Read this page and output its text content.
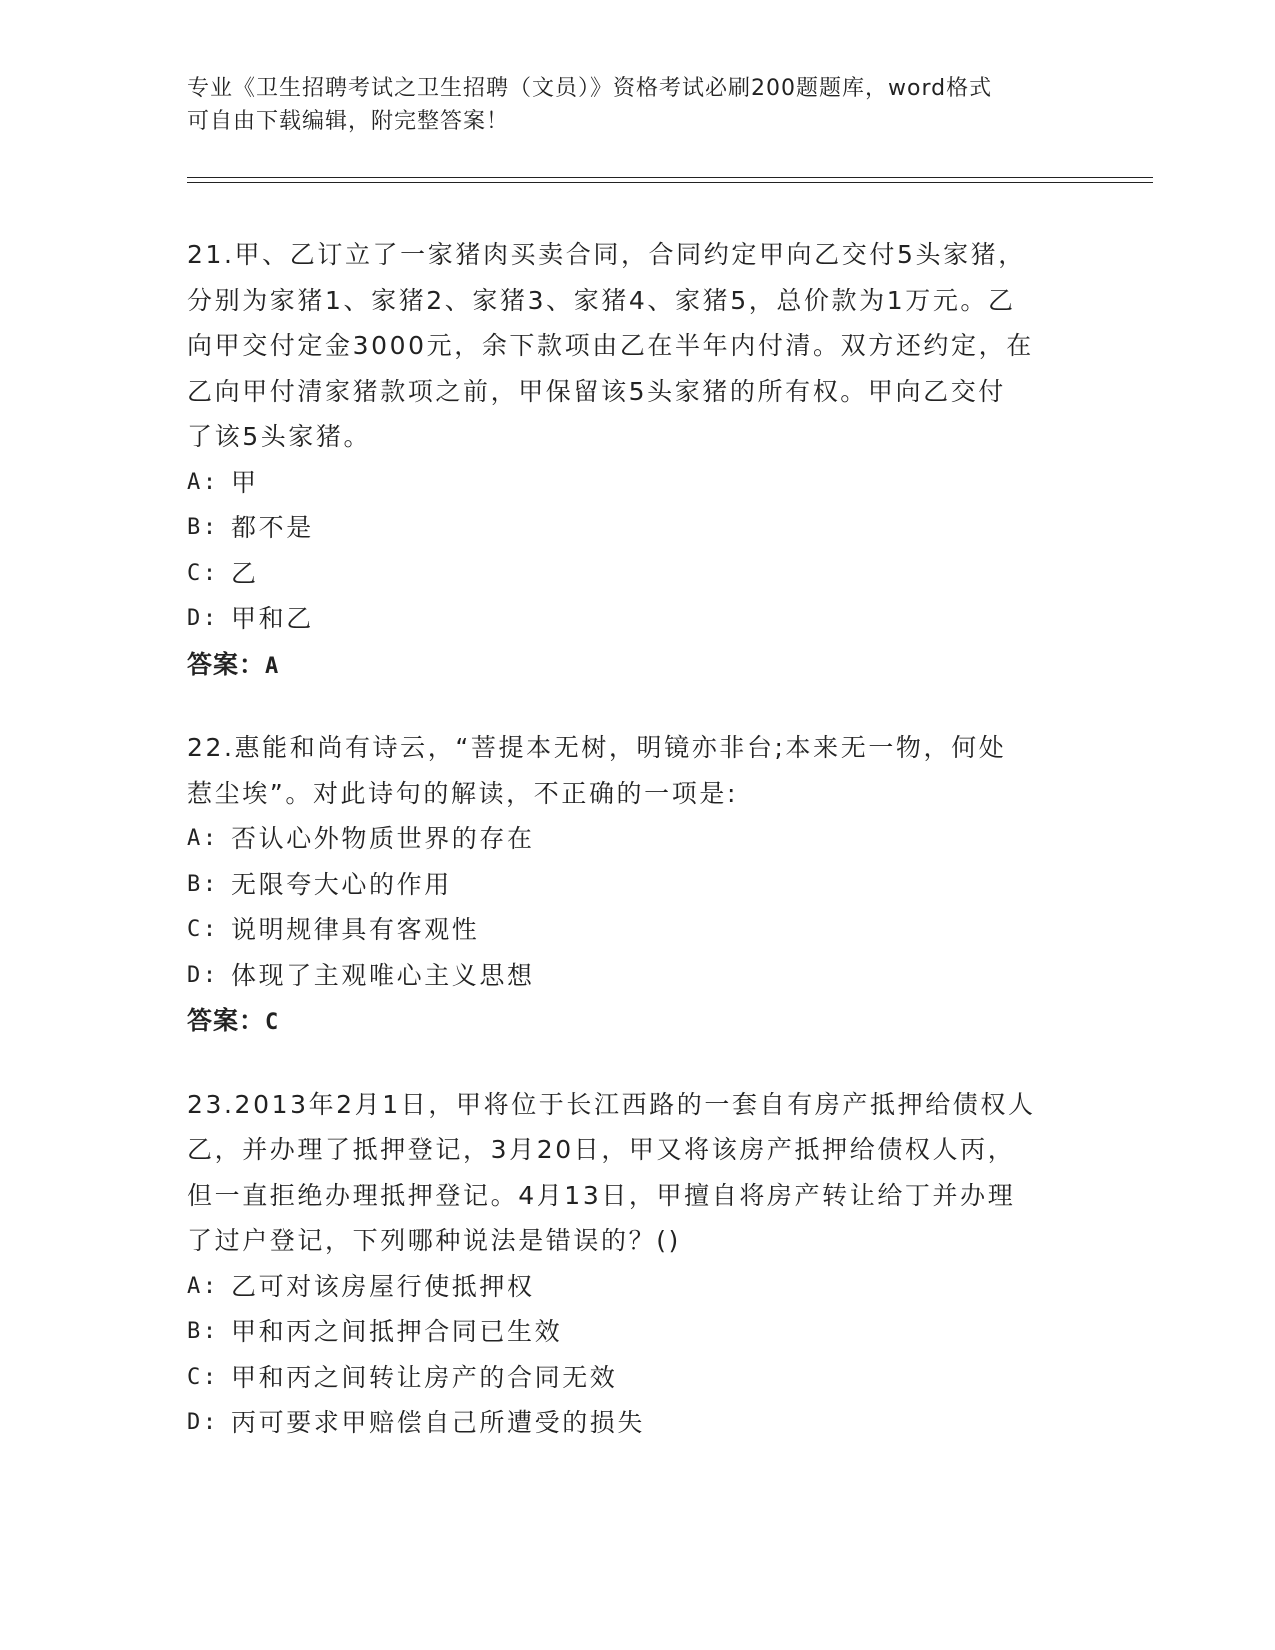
专业《卫生招聘考试之卫生招聘（文员）》资格考试必刷200题题库，word格式
可自由下载编辑，附完整答案！
21.甲、乙订立了一家猪肉买卖合同，合同约定甲向乙交付5头家猪，
分别为家猪1、家猪2、家猪3、家猪4、家猪5，总价款为1万元。乙
向甲交付定金3000元，余下款项由乙在半年内付清。双方还约定，在
乙向甲付清家猪款项之前，甲保留该5头家猪的所有权。甲向乙交付
了该5头家猪。
A: 甲
B: 都不是
C: 乙
D: 甲和乙
答案：A
22.惠能和尚有诗云，“菩提本无树，明镜亦非台;本来无一物，何处
惹尘埃”。对此诗句的解读，不正确的一项是:
A: 否认心外物质世界的存在
B: 无限夸大心的作用
C: 说明规律具有客观性
D: 体现了主观唯心主义思想
答案：C
23.2013年2月1日，甲将位于长江西路的一套自有房产抵押给债权人
乙，并办理了抵押登记，3月20日，甲又将该房产抵押给债权人丙，
但一直拒绝办理抵押登记。4月13日，甲擅自将房产转让给丁并办理
了过户登记，下列哪种说法是错误的？()
A: 乙可对该房屋行使抵押权
B: 甲和丙之间抵押合同已生效
C: 甲和丙之间转让房产的合同无效
D: 丙可要求甲赔偿自己所遭受的损失
